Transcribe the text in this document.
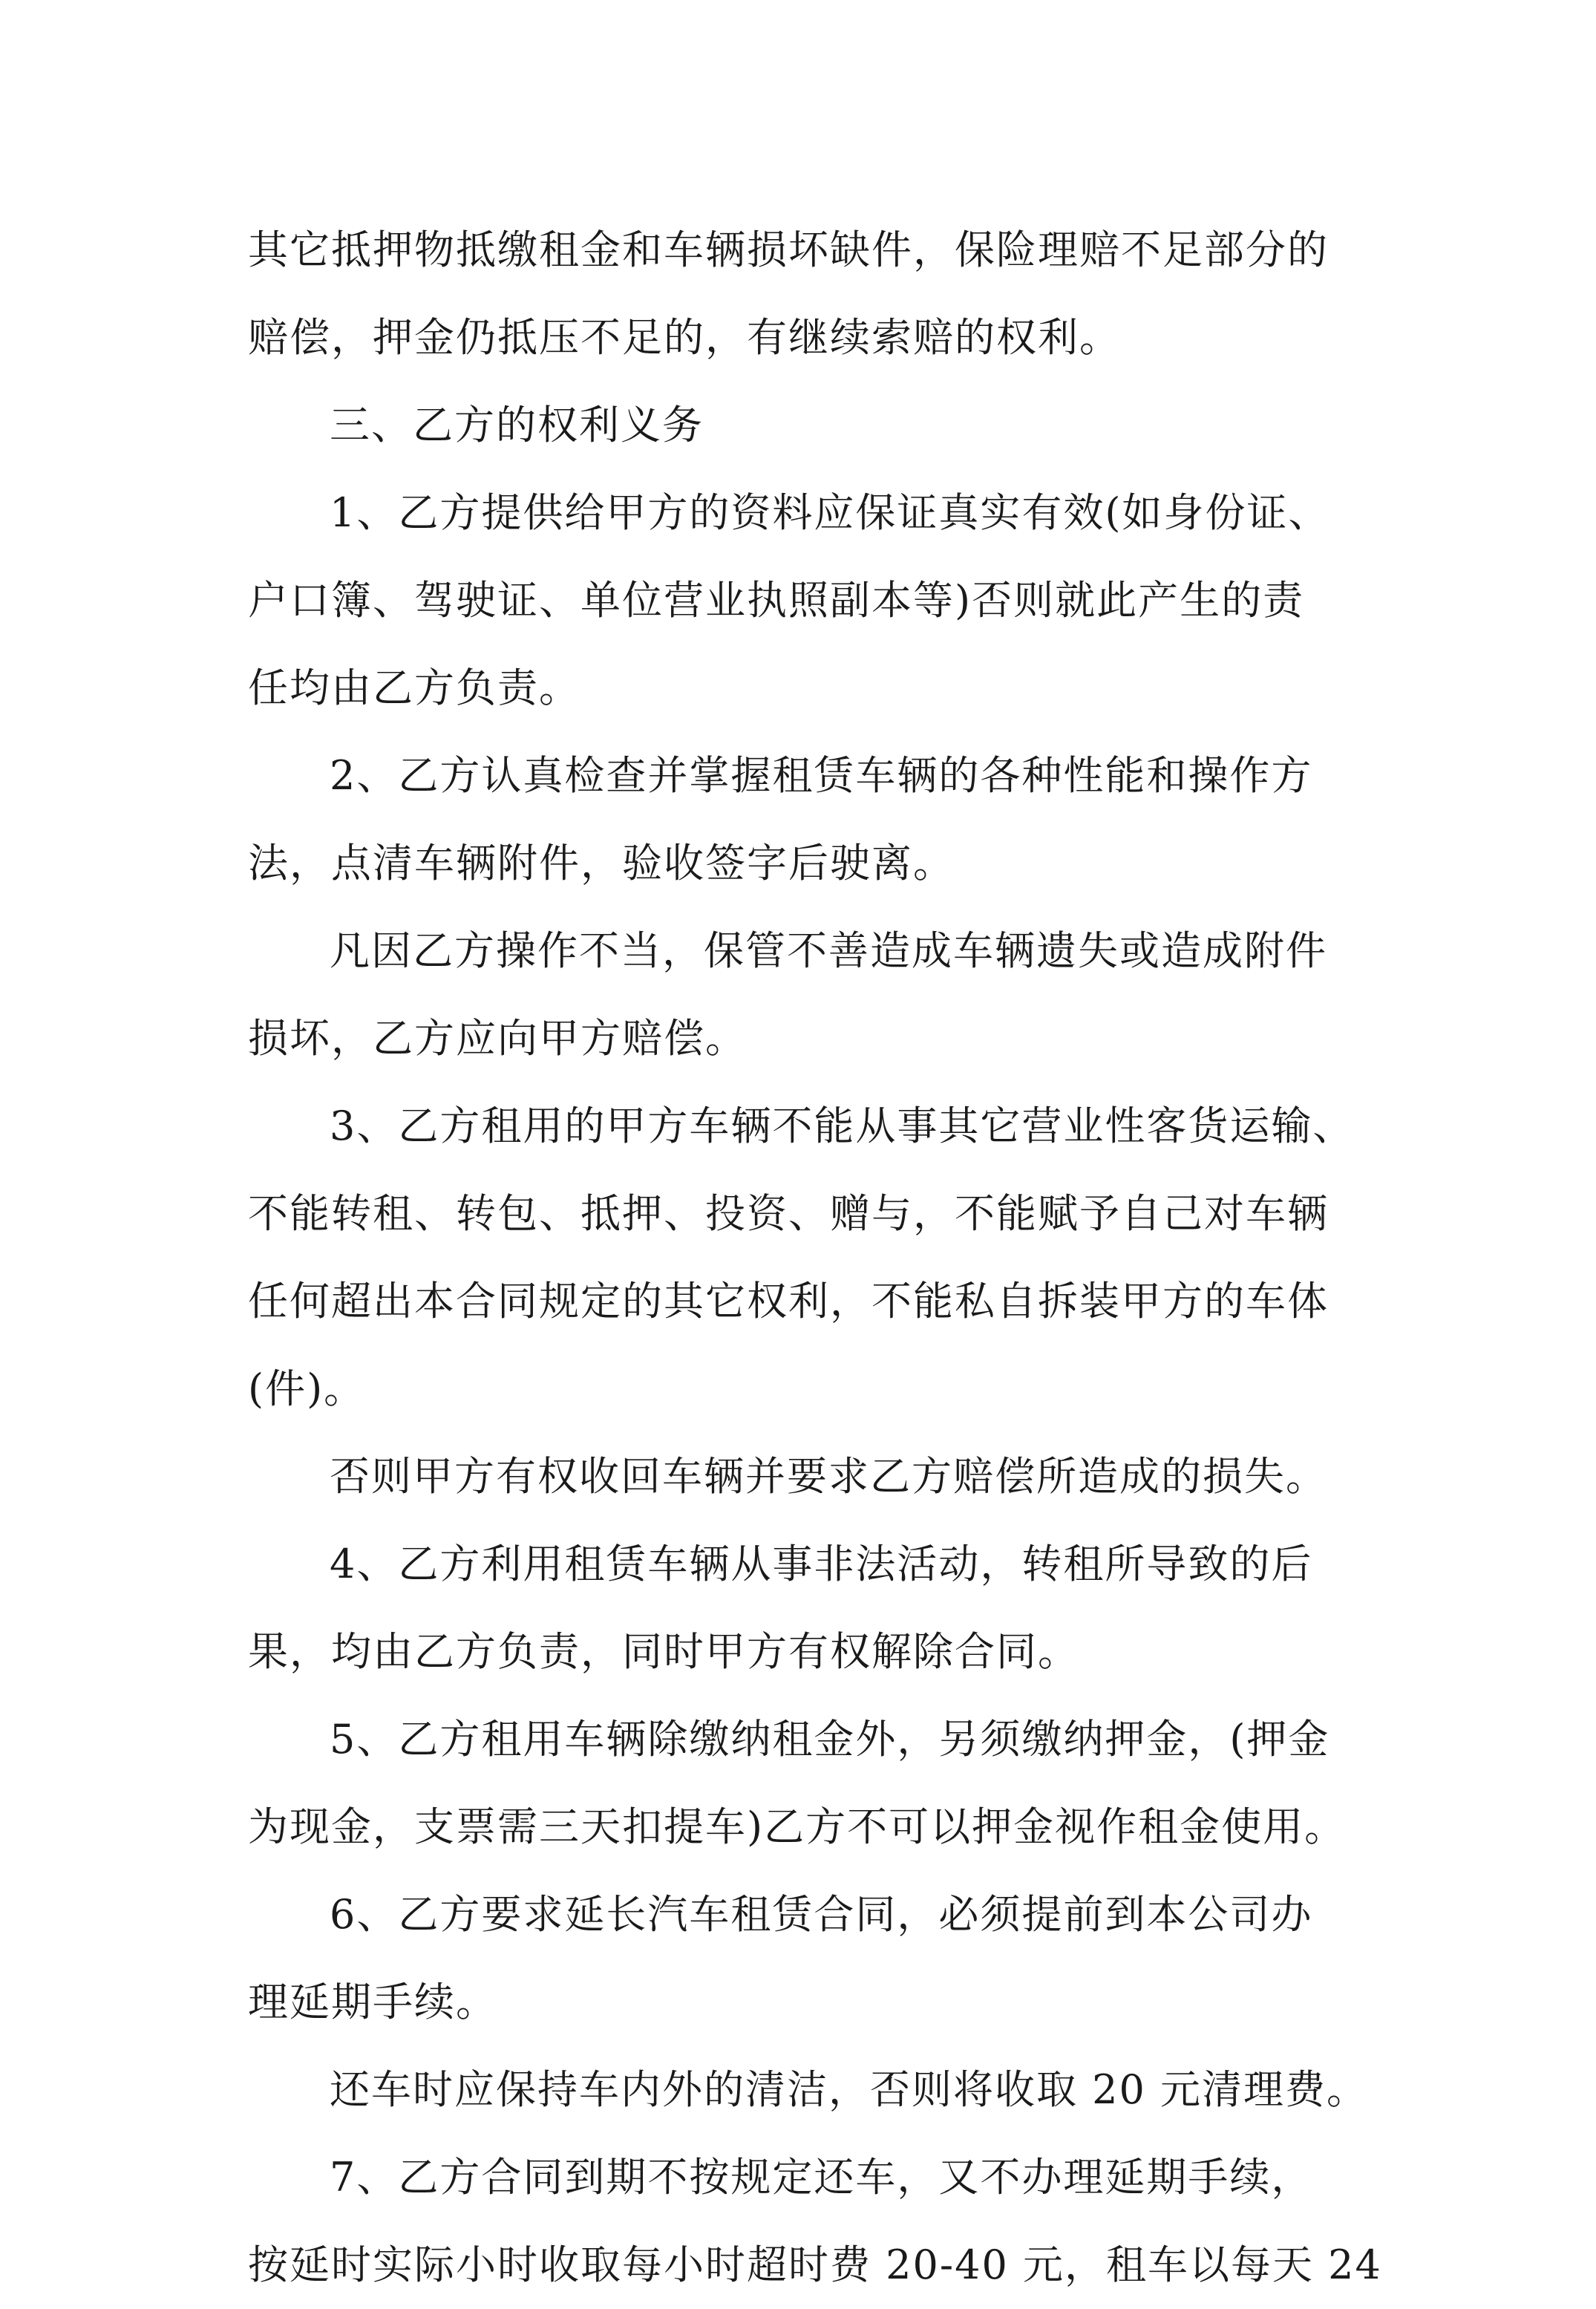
其它抵押物抵缴租金和车辆损坏缺件，保险理赔不足部分的
赔偿，押金仍抵压不足的，有继续索赔的权利。
三、乙方的权利义务
1、乙方提供给甲方的资料应保证真实有效(如身份证、
户口簿、驾驶证、单位营业执照副本等)否则就此产生的责
任均由乙方负责。
2、乙方认真检查并掌握租赁车辆的各种性能和操作方
法，点清车辆附件，验收签字后驶离。
凡因乙方操作不当，保管不善造成车辆遗失或造成附件
损坏，乙方应向甲方赔偿。
3、乙方租用的甲方车辆不能从事其它营业性客货运输、
不能转租、转包、抵押、投资、赠与，不能赋予自己对车辆
任何超出本合同规定的其它权利，不能私自拆装甲方的车体
(件)。
否则甲方有权收回车辆并要求乙方赔偿所造成的损失。
4、乙方利用租赁车辆从事非法活动，转租所导致的后
果，均由乙方负责，同时甲方有权解除合同。
5、乙方租用车辆除缴纳租金外，另须缴纳押金，(押金
为现金，支票需三天扣提车)乙方不可以押金视作租金使用。
6、乙方要求延长汽车租赁合同，必须提前到本公司办
理延期手续。
还车时应保持车内外的清洁，否则将收取 20 元清理费。
7、乙方合同到期不按规定还车，又不办理延期手续，
按延时实际小时收取每小时超时费 20-40 元，租车以每天 24
